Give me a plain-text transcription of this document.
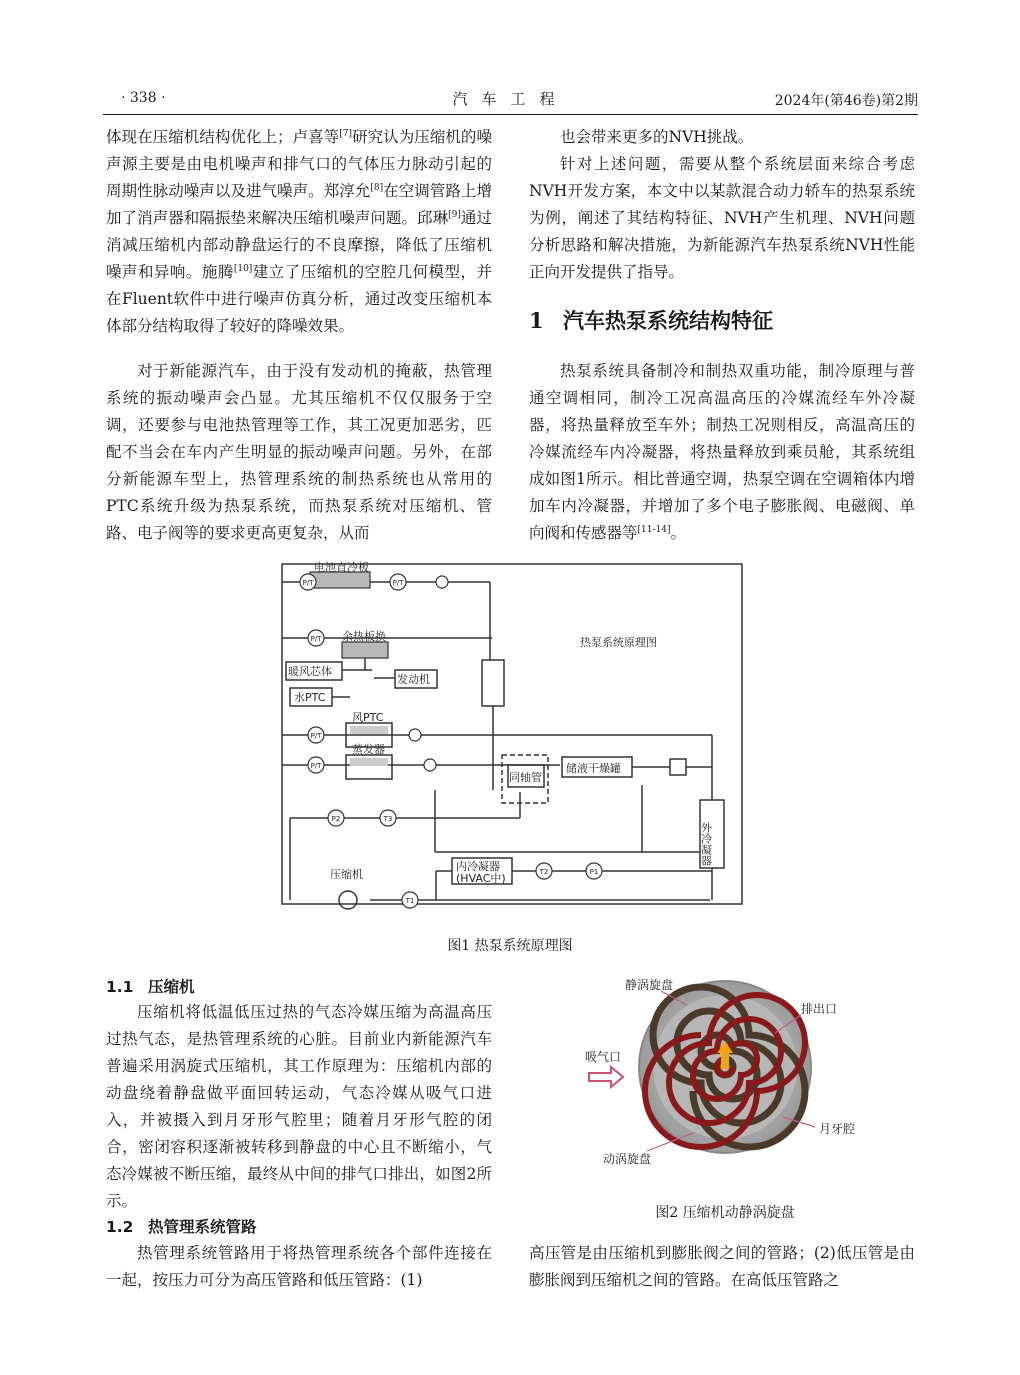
· 338 ·	汽车工程	2024年(第46卷)第2期

体现在压缩机结构优化上；卢喜等[7]研究认为压缩机的噪声源主要是由电机噪声和排气口的气体压力脉动引起的周期性脉动噪声以及进气噪声。郑淳允[8]在空调管路上增加了消声器和隔振垫来解决压缩机噪声问题。邱琳[9]通过消减压缩机内部动静盘运行的不良摩擦，降低了压缩机噪声和异响。施腾[10]建立了压缩机的空腔几何模型，并在Fluent软件中进行噪声仿真分析，通过改变压缩机本体部分结构取得了较好的降噪效果。

对于新能源汽车，由于没有发动机的掩蔽，热管理系统的振动噪声会凸显。尤其压缩机不仅仅服务于空调，还要参与电池热管理等工作，其工况更加恶劣，匹配不当会在车内产生明显的振动噪声问题。另外，在部分新能源车型上，热管理系统的制热系统也从常用的PTC系统升级为热泵系统，而热泵系统对压缩机、管路、电子阀等的要求更高更复杂，从而

也会带来更多的NVH挑战。

针对上述问题，需要从整个系统层面来综合考虑NVH开发方案，本文中以某款混合动力轿车的热泵系统为例，阐述了其结构特征、NVH产生机理、NVH问题分析思路和解决措施，为新能源汽车热泵系统NVH性能正向开发提供了指导。

1 汽车热泵系统结构特征

热泵系统具备制冷和制热双重功能，制冷原理与普通空调相同，制冷工况高温高压的冷媒流经车外冷凝器，将热量释放至车外；制热工况则相反，高温高压的冷媒流经车内冷凝器，将热量释放到乘员舱，其系统组成如图1所示。相比普通空调，热泵空调在空调箱体内增加车内冷凝器，并增加了多个电子膨胀阀、电磁阀、单向阀和传感器等[11-14]。

电池直冷板
余热板换
暖风芯体
水PTC
发动机
风PTC
蒸发器
同轴管
储液干燥罐
外冷凝器
压缩机
内冷凝器
(HVAC中)
热泵系统原理图
P/T	P/T
P/T
P/T
P/T
P2	T3
T1
T2	P1

图1 热泵系统原理图

1.1 压缩机

压缩机将低温低压过热的气态冷媒压缩为高温高压过热气态，是热管理系统的心脏。目前业内新能源汽车普遍采用涡旋式压缩机，其工作原理为：压缩机内部的动盘绕着静盘做平面回转运动，气态冷媒从吸气口进入，并被摄入到月牙形气腔里；随着月牙形气腔的闭合，密闭容积逐渐被转移到静盘的中心且不断缩小，气态冷媒被不断压缩，最终从中间的排气口排出，如图2所示。

1.2 热管理系统管路

热管理系统管路用于将热管理系统各个部件连接在一起，按压力可分为高压管路和低压管路：(1)

静涡旋盘
排出口
吸气口
月牙腔
动涡旋盘

图2 压缩机动静涡旋盘

高压管是由压缩机到膨胀阀之间的管路；(2)低压管是由膨胀阀到压缩机之间的管路。在高低压管路之
